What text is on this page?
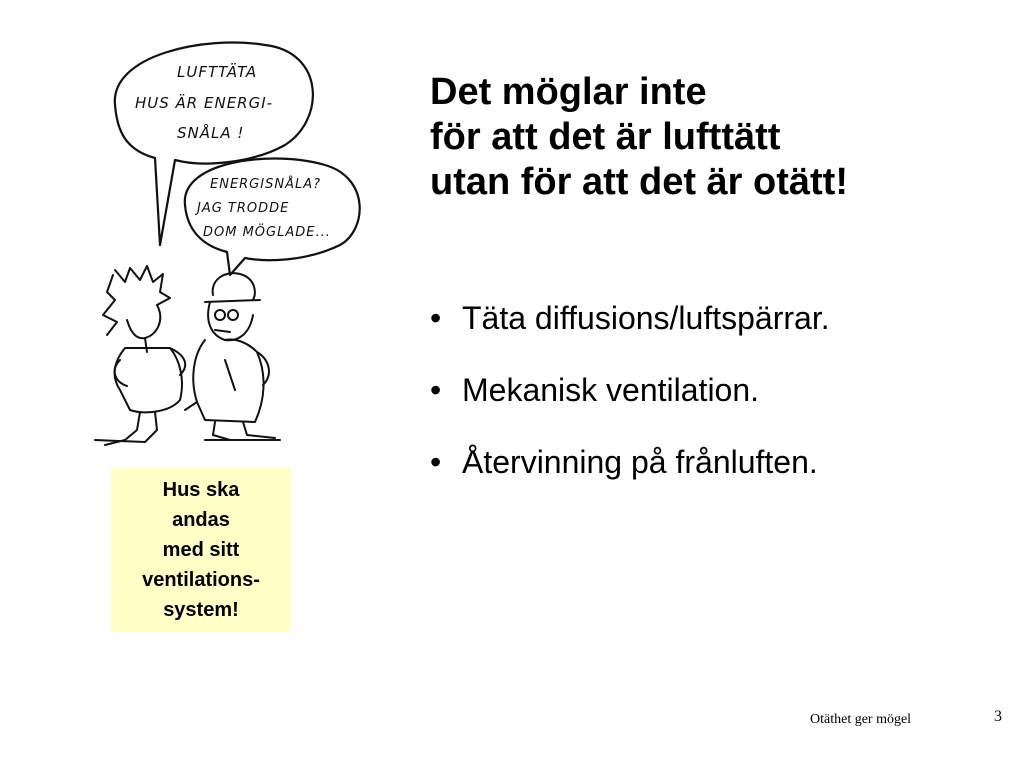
LUFTTÄTA
HUS ÄR ENERGI-
SNÅLA !
ENERGISNÅLA?
JAG TRODDE
DOM MÖGLADE...
Det möglar inte
för att det är lufttätt
utan för att det är otätt!
• Täta diffusions/luftspärrar.
• Mekanisk ventilation.
• Återvinning på frånluften.
Hus ska
andas
med sitt
ventilations-
system!
Otäthet ger mögel	3
